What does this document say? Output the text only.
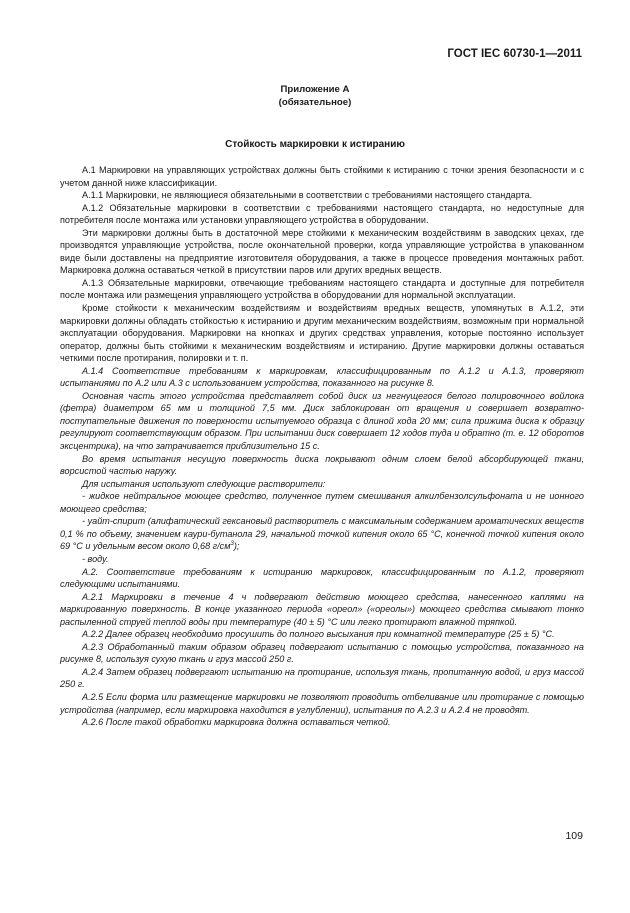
ГОСТ IEC 60730-1—2011
Приложение А
(обязательное)
Стойкость маркировки к истиранию

А.1 Маркировки на управляющих устройствах должны быть стойкими к истиранию с точки зрения безопасности и с учетом данной ниже классификации.

А.1.1 Маркировки, не являющиеся обязательными в соответствии с требованиями настоящего стандарта.

А.1.2 Обязательные маркировки в соответствии с требованиями настоящего стандарта, но недоступные для потребителя после монтажа или установки управляющего устройства в оборудовании.

Эти маркировки должны быть в достаточной мере стойкими к механическим воздействиям в заводских цехах, где производятся управляющие устройства, после окончательной проверки, когда управляющие устройства в упакованном виде были доставлены на предприятие изготовителя оборудования, а также в процессе проведения монтажных работ. Маркировка должна оставаться четкой в присутствии паров или других вредных веществ.

А.1.3 Обязательные маркировки, отвечающие требованиям настоящего стандарта и доступные для потребителя после монтажа или размещения управляющего устройства в оборудовании для нормальной эксплуатации.

Кроме стойкости к механическим воздействиям и воздействиям вредных веществ, упомянутых в А.1.2, эти маркировки должны обладать стойкостью к истиранию и другим механическим воздействиям, возможным при нормальной эксплуатации оборудования. Маркировки на кнопках и других средствах управления, которые постоянно использует оператор, должны быть стойкими к механическим воздействиям и истиранию. Другие маркировки должны оставаться четкими после протирания, полировки и т. п.

А.1.4 Соответствие требованиям к маркировкам, классифицированным по А.1.2 и А.1.3, проверяют испытаниями по А.2 или А.3 с использованием устройства, показанного на рисунке 8.

Основная часть этого устройства представляет собой диск из негнущегося белого полировочного войлока (фетра) диаметром 65 мм и толщиной 7,5 мм. Диск заблокирован от вращения и совершает возвратно-поступательные движения по поверхности испытуемого образца с длиной хода 20 мм; сила прижима диска к образцу регулируют соответствующим образом. При испытании диск совершает 12 ходов туда и обратно (т. е. 12 оборотов эксцентрика), на что затрачивается приблизительно 15 с.

Во время испытания несущую поверхность диска покрывают одним слоем белой абсорбирующей ткани, ворсистой частью наружу.

Для испытания используют следующие растворители:

- жидкое нейтральное моющее средство, полученное путем смешивания алкилбензолсульфоната и не ионного моющего средства;

- уайт-спирит (алифатический гексановый растворитель с максимальным содержанием ароматических веществ 0,1 % по объему, значением каури-бутанола 29, начальной точкой кипения около 65 °С, конечной точкой кипения около 69 °С и удельным весом около 0,68 $г/см^3$);

- воду.

А.2. Соответствие требованиям к истиранию маркировок, классифицированным по А.1.2, проверяют следующими испытаниями.

А.2.1 Маркировки в течение 4 ч подвергают действию моющего средства, нанесенного каплями на маркированную поверхность. В конце указанного периода «ореол» («ореолы») моющего средства смывают тонко распыленной струей теплой воды при температуре (40 ± 5) °С или легко протирают влажной тряпкой.

А.2.2 Далее образец необходимо просушить до полного высыхания при комнатной температуре (25 ± 5) °С.

А.2.3 Обработанный таким образом образец подвергают испытанию с помощью устройства, показанного на рисунке 8, используя сухую ткань и груз массой 250 г.

А.2.4 Затем образец подвергают испытанию на протирание, используя ткань, пропитанную водой, и груз массой 250 г.

А.2.5 Если форма или размещение маркировки не позволяют проводить отбеливание или протирание с помощью устройства (например, если маркировка находится в углублении), испытания по А.2.3 и А.2.4 не проводят.

А.2.6 После такой обработки маркировка должна оставаться четкой.

109
